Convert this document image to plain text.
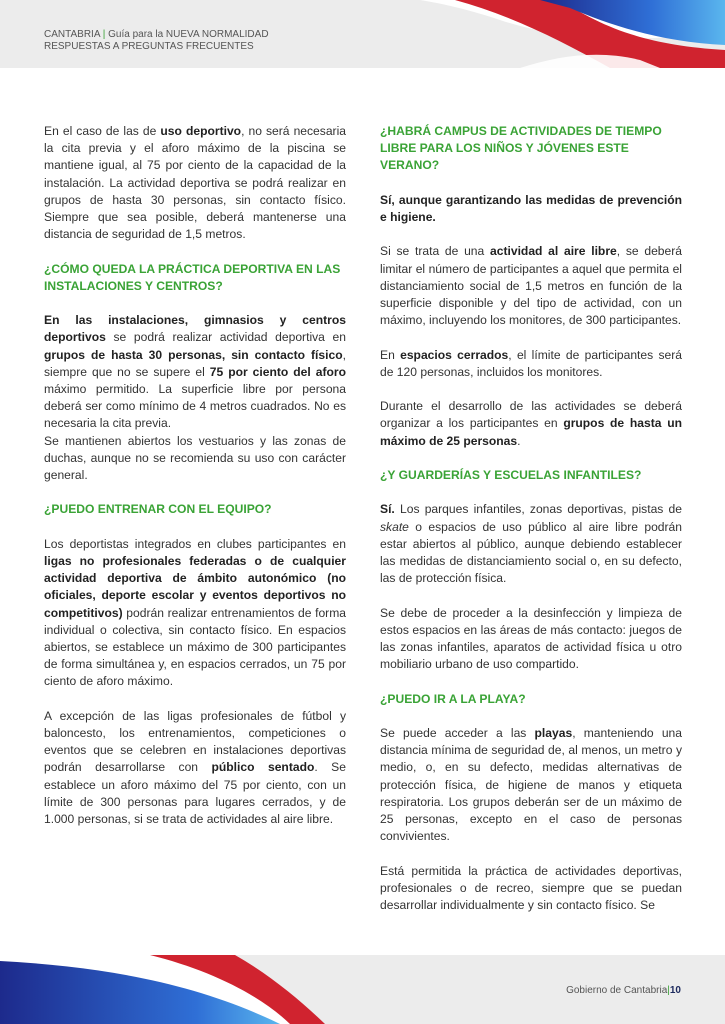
CANTABRIA | Guía para la NUEVA NORMALIDAD
RESPUESTAS A PREGUNTAS FRECUENTES

En el caso de las de uso deportivo, no será necesaria la cita previa y el aforo máximo de la piscina se mantiene igual, al 75 por ciento de la capacidad de la instalación. La actividad deportiva se podrá realizar en grupos de hasta 30 personas, sin contacto físico. Siempre que sea posible, deberá mantenerse una distancia de seguridad de 1,5 metros.

¿CÓMO QUEDA LA PRÁCTICA DEPORTIVA EN LAS INSTALACIONES Y CENTROS?

En las instalaciones, gimnasios y centros deportivos se podrá realizar actividad deportiva en grupos de hasta 30 personas, sin contacto físico, siempre que no se supere el 75 por ciento del aforo máximo permitido. La superficie libre por persona deberá ser como mínimo de 4 metros cuadrados. No es necesaria la cita previa.

Se mantienen abiertos los vestuarios y las zonas de duchas, aunque no se recomienda su uso con carácter general.

¿PUEDO ENTRENAR CON EL EQUIPO?

Los deportistas integrados en clubes participantes en ligas no profesionales federadas o de cualquier actividad deportiva de ámbito autonómico (no oficiales, deporte escolar y eventos deportivos no competitivos) podrán realizar entrenamientos de forma individual o colectiva, sin contacto físico. En espacios abiertos, se establece un máximo de 300 participantes de forma simultánea y, en espacios cerrados, un 75 por ciento de aforo máximo.

A excepción de las ligas profesionales de fútbol y baloncesto, los entrenamientos, competiciones o eventos que se celebren en instalaciones deportivas podrán desarrollarse con público sentado. Se establece un aforo máximo del 75 por ciento, con un límite de 300 personas para lugares cerrados, y de 1.000 personas, si se trata de actividades al aire libre.

¿HABRÁ CAMPUS DE ACTIVIDADES DE TIEMPO LIBRE PARA LOS NIÑOS Y JÓVENES ESTE VERANO?

Sí, aunque garantizando las medidas de prevención e higiene.

Si se trata de una actividad al aire libre, se deberá limitar el número de participantes a aquel que permita el distanciamiento social de 1,5 metros en función de la superficie disponible y del tipo de actividad, con un máximo, incluyendo los monitores, de 300 participantes.

En espacios cerrados, el límite de participantes será de 120 personas, incluidos los monitores.

Durante el desarrollo de las actividades se deberá organizar a los participantes en grupos de hasta un máximo de 25 personas.

¿Y GUARDERÍAS Y ESCUELAS INFANTILES?

Sí. Los parques infantiles, zonas deportivas, pistas de skate o espacios de uso público al aire libre podrán estar abiertos al público, aunque debiendo establecer las medidas de distanciamiento social o, en su defecto, las de protección física.

Se debe de proceder a la desinfección y limpieza de estos espacios en las áreas de más contacto: juegos de las zonas infantiles, aparatos de actividad física u otro mobiliario urbano de uso compartido.

¿PUEDO IR A LA PLAYA?

Se puede acceder a las playas, manteniendo una distancia mínima de seguridad de, al menos, un metro y medio, o, en su defecto, medidas alternativas de protección física, de higiene de manos y etiqueta respiratoria. Los grupos deberán ser de un máximo de 25 personas, excepto en el caso de personas convivientes.

Está permitida la práctica de actividades deportivas, profesionales o de recreo, siempre que se puedan desarrollar individualmente y sin contacto físico. Se

Gobierno de Cantabria|10
